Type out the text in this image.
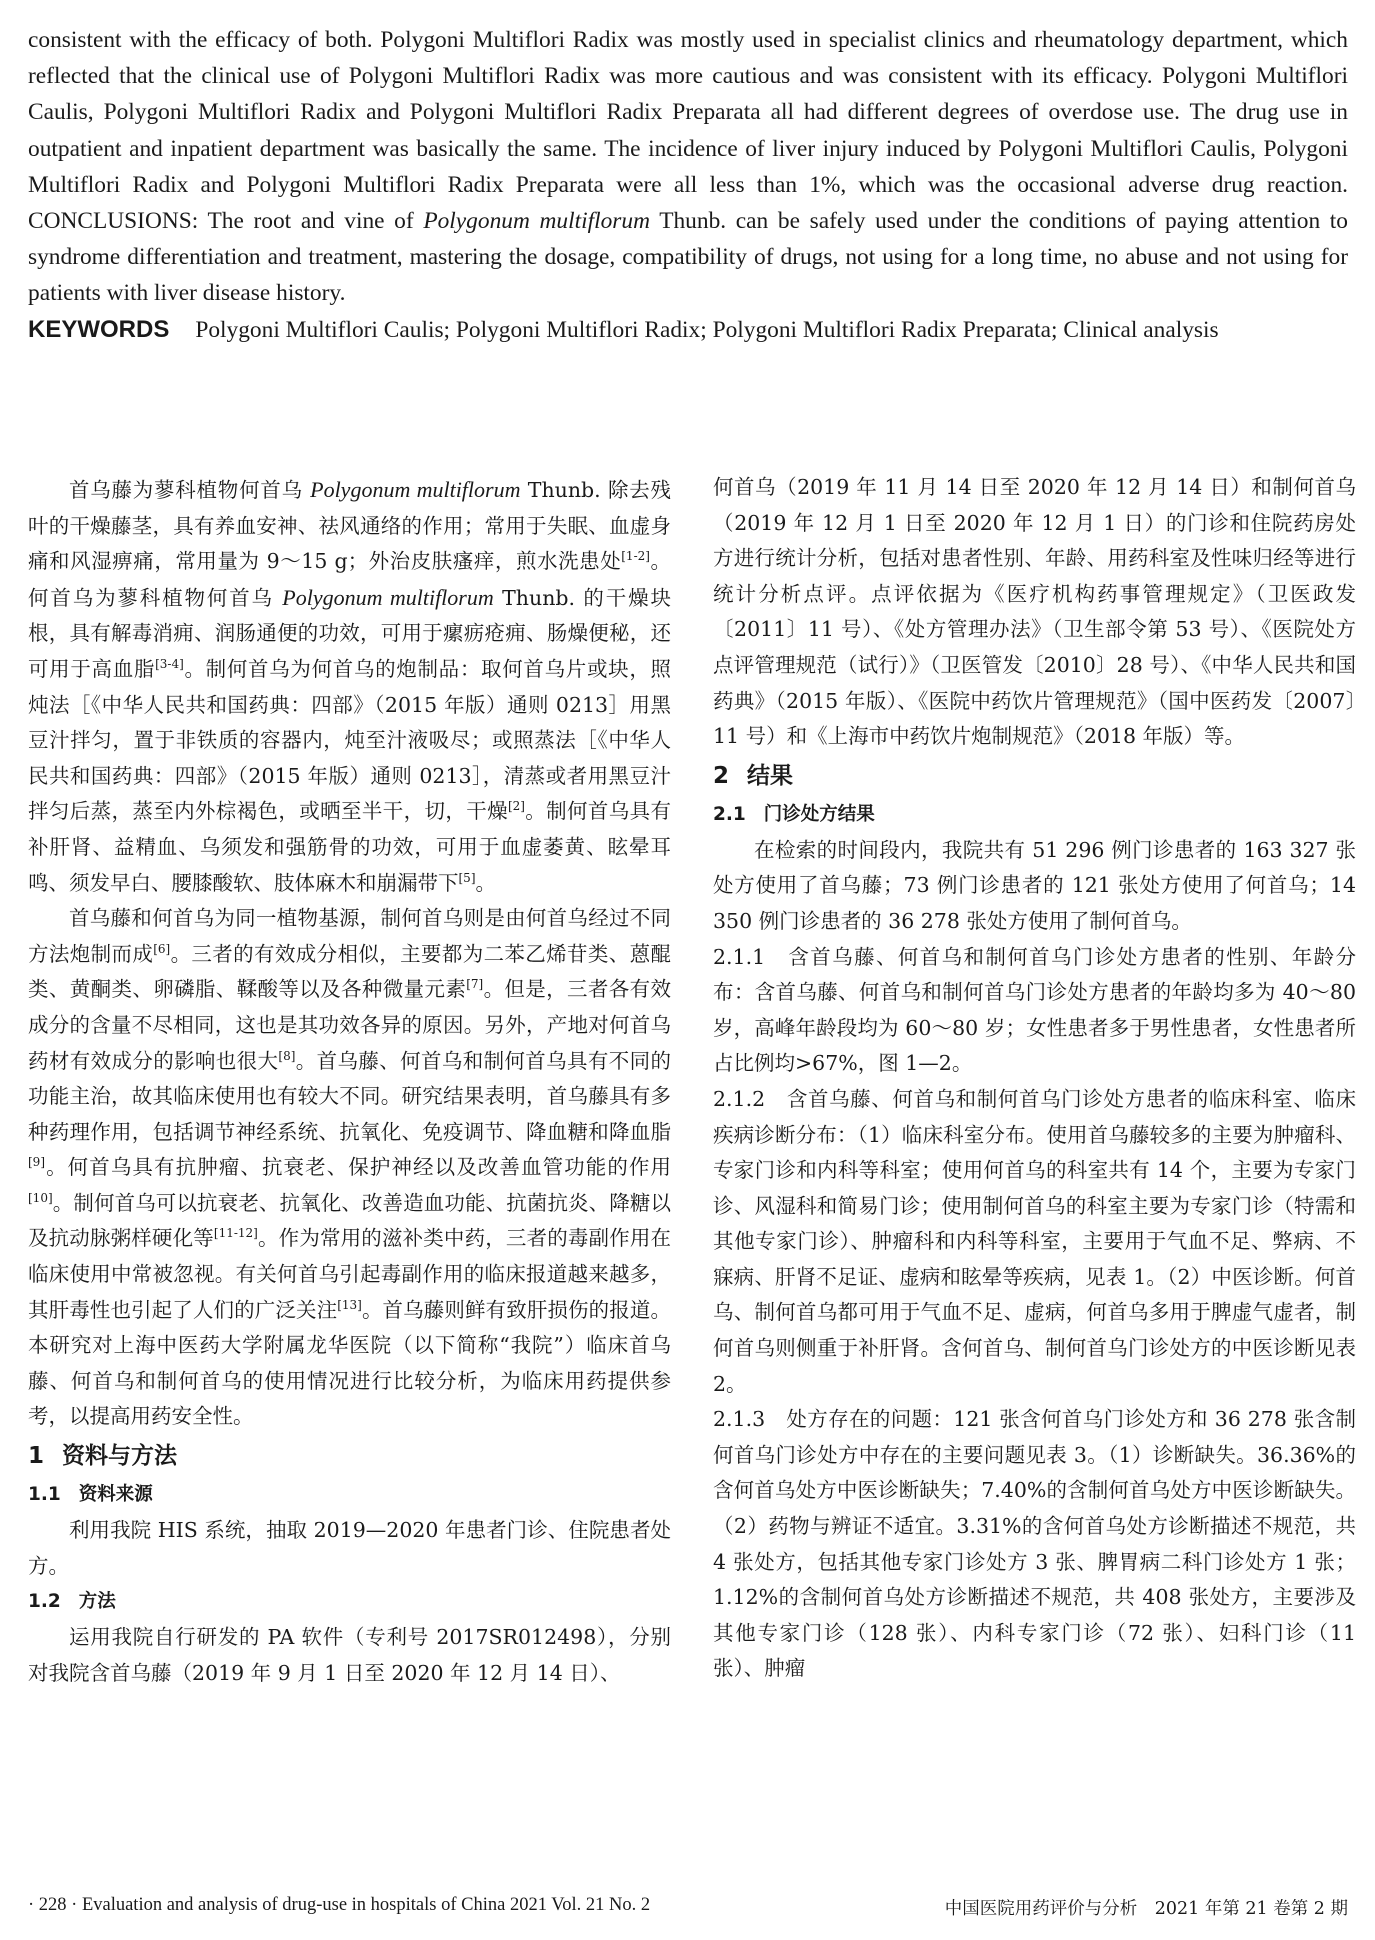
consistent with the efficacy of both. Polygoni Multiflori Radix was mostly used in specialist clinics and rheumatology department, which reflected that the clinical use of Polygoni Multiflori Radix was more cautious and was consistent with its efficacy. Polygoni Multiflori Caulis, Polygoni Multiflori Radix and Polygoni Multiflori Radix Preparata all had different degrees of overdose use. The drug use in outpatient and inpatient department was basically the same. The incidence of liver injury induced by Polygoni Multiflori Caulis, Polygoni Multiflori Radix and Polygoni Multiflori Radix Preparata were all less than 1%, which was the occasional adverse drug reaction. CONCLUSIONS: The root and vine of Polygonum multiflorum Thunb. can be safely used under the conditions of paying attention to syndrome differentiation and treatment, mastering the dosage, compatibility of drugs, not using for a long time, no abuse and not using for patients with liver disease history.

KEYWORDS Polygoni Multiflori Caulis; Polygoni Multiflori Radix; Polygoni Multiflori Radix Preparata; Clinical analysis

首乌藤为蓼科植物何首乌 Polygonum multiflorum Thunb. 除去残叶的干燥藤茎，具有养血安神、祛风通络的作用；常用于失眠、血虚身痛和风湿痹痛，常用量为 9～15 g；外治皮肤瘙痒，煎水洗患处[1-2]。何首乌为蓼科植物何首乌 Polygonum multiflorum Thunb. 的干燥块根，具有解毒消痈、润肠通便的功效，可用于瘰疬疮痈、肠燥便秘，还可用于高血脂[3-4]。制何首乌为何首乌的炮制品：取何首乌片或块，照炖法［《中华人民共和国药典：四部》（2015 年版）通则 0213］用黑豆汁拌匀，置于非铁质的容器内，炖至汁液吸尽；或照蒸法［《中华人民共和国药典：四部》（2015 年版）通则 0213］，清蒸或者用黑豆汁拌匀后蒸，蒸至内外棕褐色，或晒至半干，切，干燥[2]。制何首乌具有补肝肾、益精血、乌须发和强筋骨的功效，可用于血虚萎黄、眩晕耳鸣、须发早白、腰膝酸软、肢体麻木和崩漏带下[5]。

首乌藤和何首乌为同一植物基源，制何首乌则是由何首乌经过不同方法炮制而成[6]。三者的有效成分相似，主要都为二苯乙烯苷类、蒽醌类、黄酮类、卵磷脂、鞣酸等以及各种微量元素[7]。但是，三者各有效成分的含量不尽相同，这也是其功效各异的原因。另外，产地对何首乌药材有效成分的影响也很大[8]。首乌藤、何首乌和制何首乌具有不同的功能主治，故其临床使用也有较大不同。研究结果表明，首乌藤具有多种药理作用，包括调节神经系统、抗氧化、免疫调节、降血糖和降血脂[9]。何首乌具有抗肿瘤、抗衰老、保护神经以及改善血管功能的作用[10]。制何首乌可以抗衰老、抗氧化、改善造血功能、抗菌抗炎、降糖以及抗动脉粥样硬化等[11-12]。作为常用的滋补类中药，三者的毒副作用在临床使用中常被忽视。有关何首乌引起毒副作用的临床报道越来越多，其肝毒性也引起了人们的广泛关注[13]。首乌藤则鲜有致肝损伤的报道。本研究对上海中医药大学附属龙华医院（以下简称“我院”）临床首乌藤、何首乌和制何首乌的使用情况进行比较分析，为临床用药提供参考，以提高用药安全性。

1 资料与方法
1.1 资料来源

利用我院 HIS 系统，抽取 2019—2020 年患者门诊、住院患者处方。

1.2 方法

运用我院自行研发的 PA 软件（专利号 2017SR012498），分别对我院含首乌藤（2019 年 9 月 1 日至 2020 年 12 月 14 日）、

何首乌（2019 年 11 月 14 日至 2020 年 12 月 14 日）和制何首乌（2019 年 12 月 1 日至 2020 年 12 月 1 日）的门诊和住院药房处方进行统计分析，包括对患者性别、年龄、用药科室及性味归经等进行统计分析点评。点评依据为《医疗机构药事管理规定》（卫医政发〔2011〕11 号）、《处方管理办法》（卫生部令第 53 号）、《医院处方点评管理规范（试行）》（卫医管发〔2010〕28 号）、《中华人民共和国药典》（2015 年版）、《医院中药饮片管理规范》（国中医药发〔2007〕11 号）和《上海市中药饮片炮制规范》（2018 年版）等。

2 结果
2.1 门诊处方结果

在检索的时间段内，我院共有 51 296 例门诊患者的 163 327 张处方使用了首乌藤；73 例门诊患者的 121 张处方使用了何首乌；14 350 例门诊患者的 36 278 张处方使用了制何首乌。

2.1.1　含首乌藤、何首乌和制何首乌门诊处方患者的性别、年龄分布：含首乌藤、何首乌和制何首乌门诊处方患者的年龄均多为 40～80 岁，高峰年龄段均为 60～80 岁；女性患者多于男性患者，女性患者所占比例均>67%，图 1—2。

2.1.2　含首乌藤、何首乌和制何首乌门诊处方患者的临床科室、临床疾病诊断分布：（1）临床科室分布。使用首乌藤较多的主要为肿瘤科、专家门诊和内科等科室；使用何首乌的科室共有 14 个，主要为专家门诊、风湿科和简易门诊；使用制何首乌的科室主要为专家门诊（特需和其他专家门诊）、肿瘤科和内科等科室，主要用于气血不足、弊病、不寐病、肝肾不足证、虚病和眩晕等疾病，见表 1。（2）中医诊断。何首乌、制何首乌都可用于气血不足、虚病，何首乌多用于脾虚气虚者，制何首乌则侧重于补肝肾。含何首乌、制何首乌门诊处方的中医诊断见表 2。

2.1.3　处方存在的问题：121 张含何首乌门诊处方和 36 278 张含制何首乌门诊处方中存在的主要问题见表 3。（1）诊断缺失。36.36%的含何首乌处方中医诊断缺失；7.40%的含制何首乌处方中医诊断缺失。（2）药物与辨证不适宜。3.31%的含何首乌处方诊断描述不规范，共 4 张处方，包括其他专家门诊处方 3 张、脾胃病二科门诊处方 1 张；1.12%的含制何首乌处方诊断描述不规范，共 408 张处方，主要涉及其他专家门诊（128 张）、内科专家门诊（72 张）、妇科门诊（11 张）、肿瘤

· 228 · Evaluation and analysis of drug-use in hospitals of China 2021 Vol. 21 No. 2	中国医院用药评价与分析　2021 年第 21 卷第 2 期
